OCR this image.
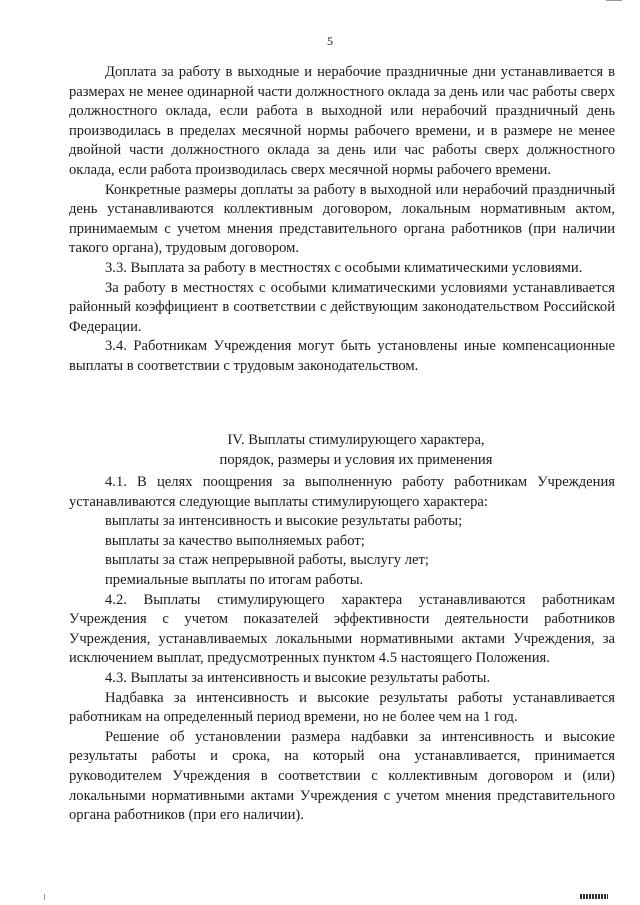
5

Доплата за работу в выходные и нерабочие праздничные дни устанавливается в размерах не менее одинарной части должностного оклада за день или час работы сверх должностного оклада, если работа в выходной или нерабочий праздничный день производилась в пределах месячной нормы рабочего времени, и в размере не менее двойной части должностного оклада за день или час работы сверх должностного оклада, если работа производилась сверх месячной нормы рабочего времени.

Конкретные размеры доплаты за работу в выходной или нерабочий праздничный день устанавливаются коллективным договором, локальным нормативным актом, принимаемым с учетом мнения представительного органа работников (при наличии такого органа), трудовым договором.

3.3. Выплата за работу в местностях с особыми климатическими условиями.

За работу в местностях с особыми климатическими условиями устанавливается районный коэффициент в соответствии с действующим законодательством Российской Федерации.

3.4. Работникам Учреждения могут быть установлены иные компенсационные выплаты в соответствии с трудовым законодательством.

IV. Выплаты стимулирующего характера,
порядок, размеры и условия их применения

4.1. В целях поощрения за выполненную работу работникам Учреждения устанавливаются следующие выплаты стимулирующего характера:

выплаты за интенсивность и высокие результаты работы;

выплаты за качество выполняемых работ;

выплаты за стаж непрерывной работы, выслугу лет;

премиальные выплаты по итогам работы.

4.2. Выплаты стимулирующего характера устанавливаются работникам Учреждения с учетом показателей эффективности деятельности работников Учреждения, устанавливаемых локальными нормативными актами Учреждения, за исключением выплат, предусмотренных пунктом 4.5 настоящего Положения.

4.3. Выплаты за интенсивность и высокие результаты работы.

Надбавка за интенсивность и высокие результаты работы устанавливается работникам на определенный период времени, но не более чем на 1 год.

Решение об установлении размера надбавки за интенсивность и высокие результаты работы и срока, на который она устанавливается, принимается руководителем Учреждения в соответствии с коллективным договором и (или) локальными нормативными актами Учреждения с учетом мнения представительного органа работников (при его наличии).
